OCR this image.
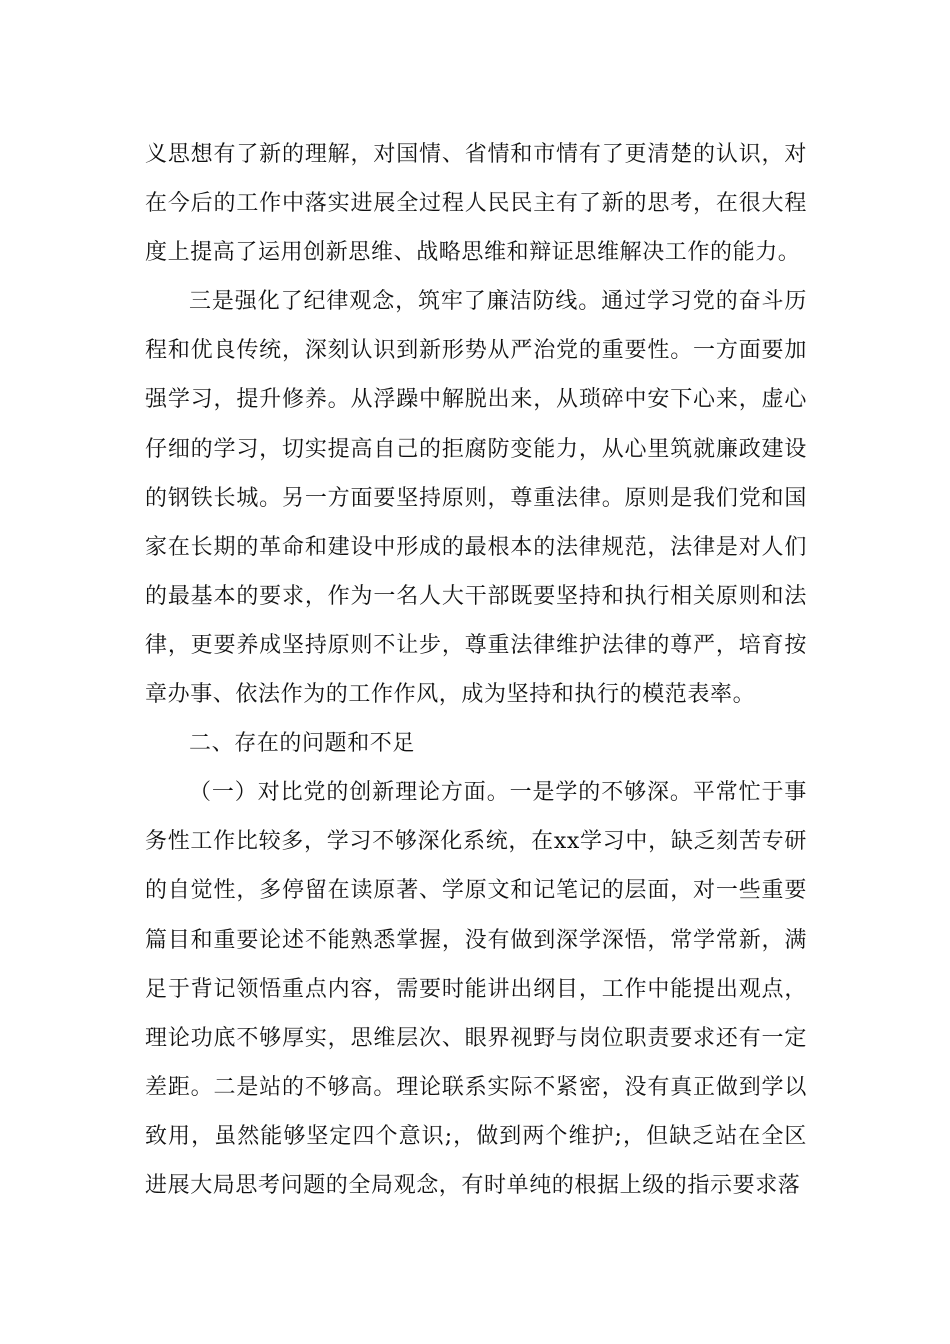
义思想有了新的理解，对国情、省情和市情有了更清楚的认识，对在今后的工作中落实进展全过程人民民主有了新的思考，在很大程度上提高了运用创新思维、战略思维和辩证思维解决工作的能力。

三是强化了纪律观念，筑牢了廉洁防线。通过学习党的奋斗历程和优良传统，深刻认识到新形势从严治党的重要性。一方面要加强学习，提升修养。从浮躁中解脱出来，从琐碎中安下心来，虚心仔细的学习，切实提高自己的拒腐防变能力，从心里筑就廉政建设的钢铁长城。另一方面要坚持原则，尊重法律。原则是我们党和国家在长期的革命和建设中形成的最根本的法律规范，法律是对人们的最基本的要求，作为一名人大干部既要坚持和执行相关原则和法律，更要养成坚持原则不让步，尊重法律维护法律的尊严，培育按章办事、依法作为的工作作风，成为坚持和执行的模范表率。

二、存在的问题和不足

（一）对比党的创新理论方面。一是学的不够深。平常忙于事务性工作比较多，学习不够深化系统，在xx学习中，缺乏刻苦专研的自觉性，多停留在读原著、学原文和记笔记的层面，对一些重要篇目和重要论述不能熟悉掌握，没有做到深学深悟，常学常新，满足于背记领悟重点内容，需要时能讲出纲目，工作中能提出观点，理论功底不够厚实，思维层次、眼界视野与岗位职责要求还有一定差距。二是站的不够高。理论联系实际不紧密，没有真正做到学以致用，虽然能够坚定四个意识;，做到两个维护;，但缺乏站在全区进展大局思考问题的全局观念，有时单纯的根据上级的指示要求落
